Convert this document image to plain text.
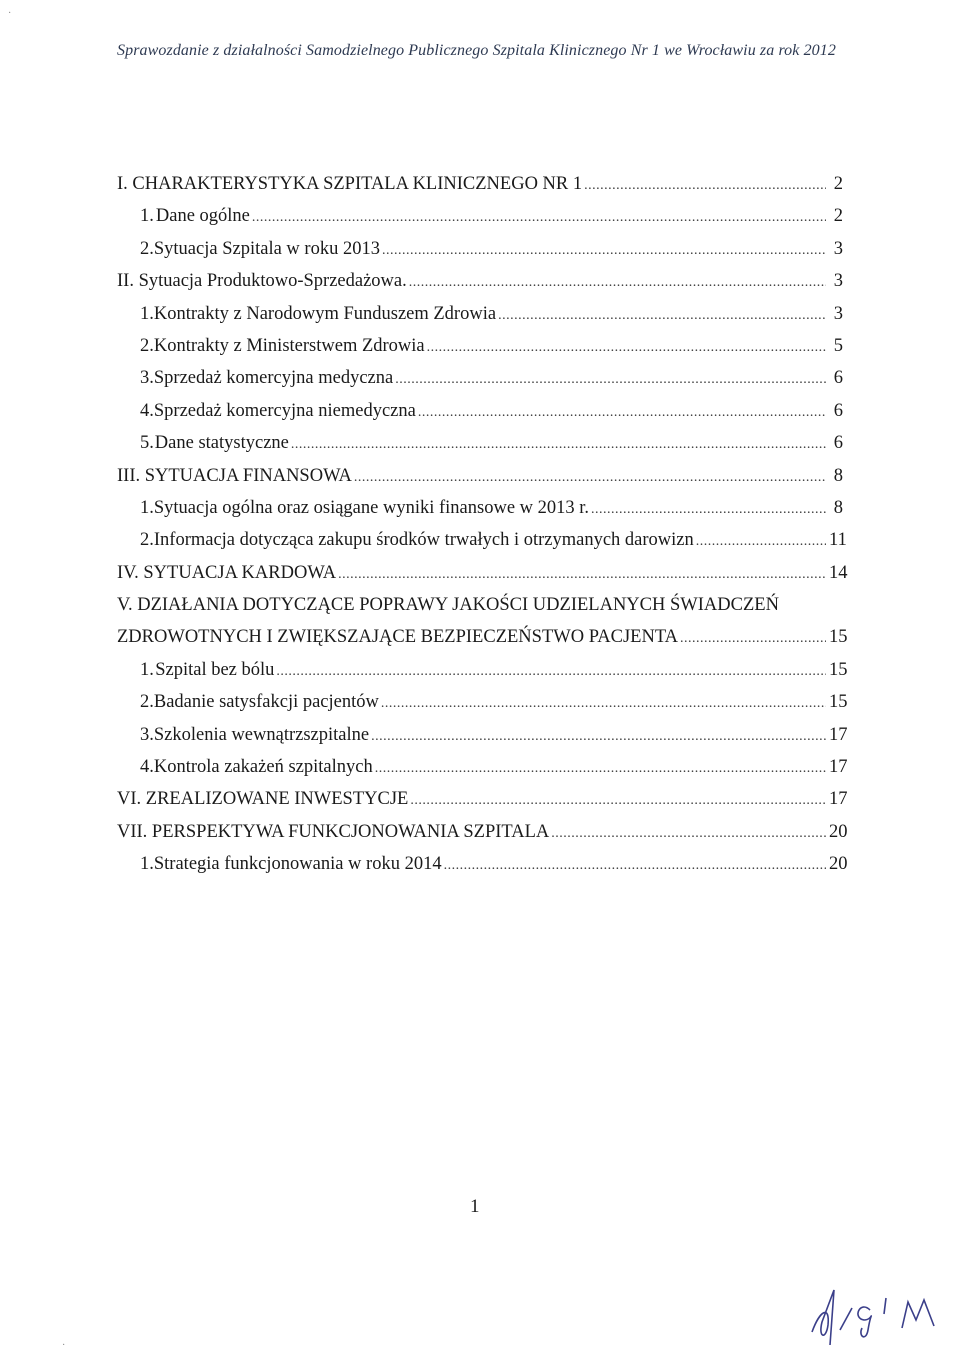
Sprawozdanie z działalności Samodzielnego Publicznego Szpitala Klinicznego Nr 1 we Wrocławiu za rok 2012
I. CHARAKTERYSTYKA SZPITALA KLINICZNEGO NR 1 .....	2
1. Dane ogólne .....	2
2. Sytuacja Szpitala w roku 2013 .....	3
II. Sytuacja Produktowo-Sprzedażowa. .....	3
1. Kontrakty z Narodowym Funduszem Zdrowia .....	3
2. Kontrakty z Ministerstwem Zdrowia .....	5
3. Sprzedaż komercyjna medyczna .....	6
4. Sprzedaż komercyjna niemedyczna .....	6
5. Dane statystyczne .....	6
III. SYTUACJA FINANSOWA .....	8
1. Sytuacja ogólna oraz osiągane wyniki finansowe w 2013 r. .....	8
2. Informacja dotycząca zakupu środków trwałych i otrzymanych darowizn .....	11
IV. SYTUACJA KARDOWA .....	14
V. DZIAŁANIA DOTYCZĄCE POPRAWY JAKOŚCI UDZIELANYCH ŚWIADCZEŃ
ZDROWOTNYCH I ZWIĘKSZAJĄCE BEZPIECZEŃSTWO PACJENTA .....	15
1. Szpital bez bólu .....	15
2. Badanie satysfakcji pacjentów .....	15
3. Szkolenia wewnątrzszpitalne .....	17
4. Kontrola zakażeń szpitalnych .....	17
VI. ZREALIZOWANE INWESTYCJE .....	17
VII. PERSPEKTYWA FUNKCJONOWANIA SZPITALA .....	20
1. Strategia funkcjonowania w roku 2014 .....	20
1
·
·
